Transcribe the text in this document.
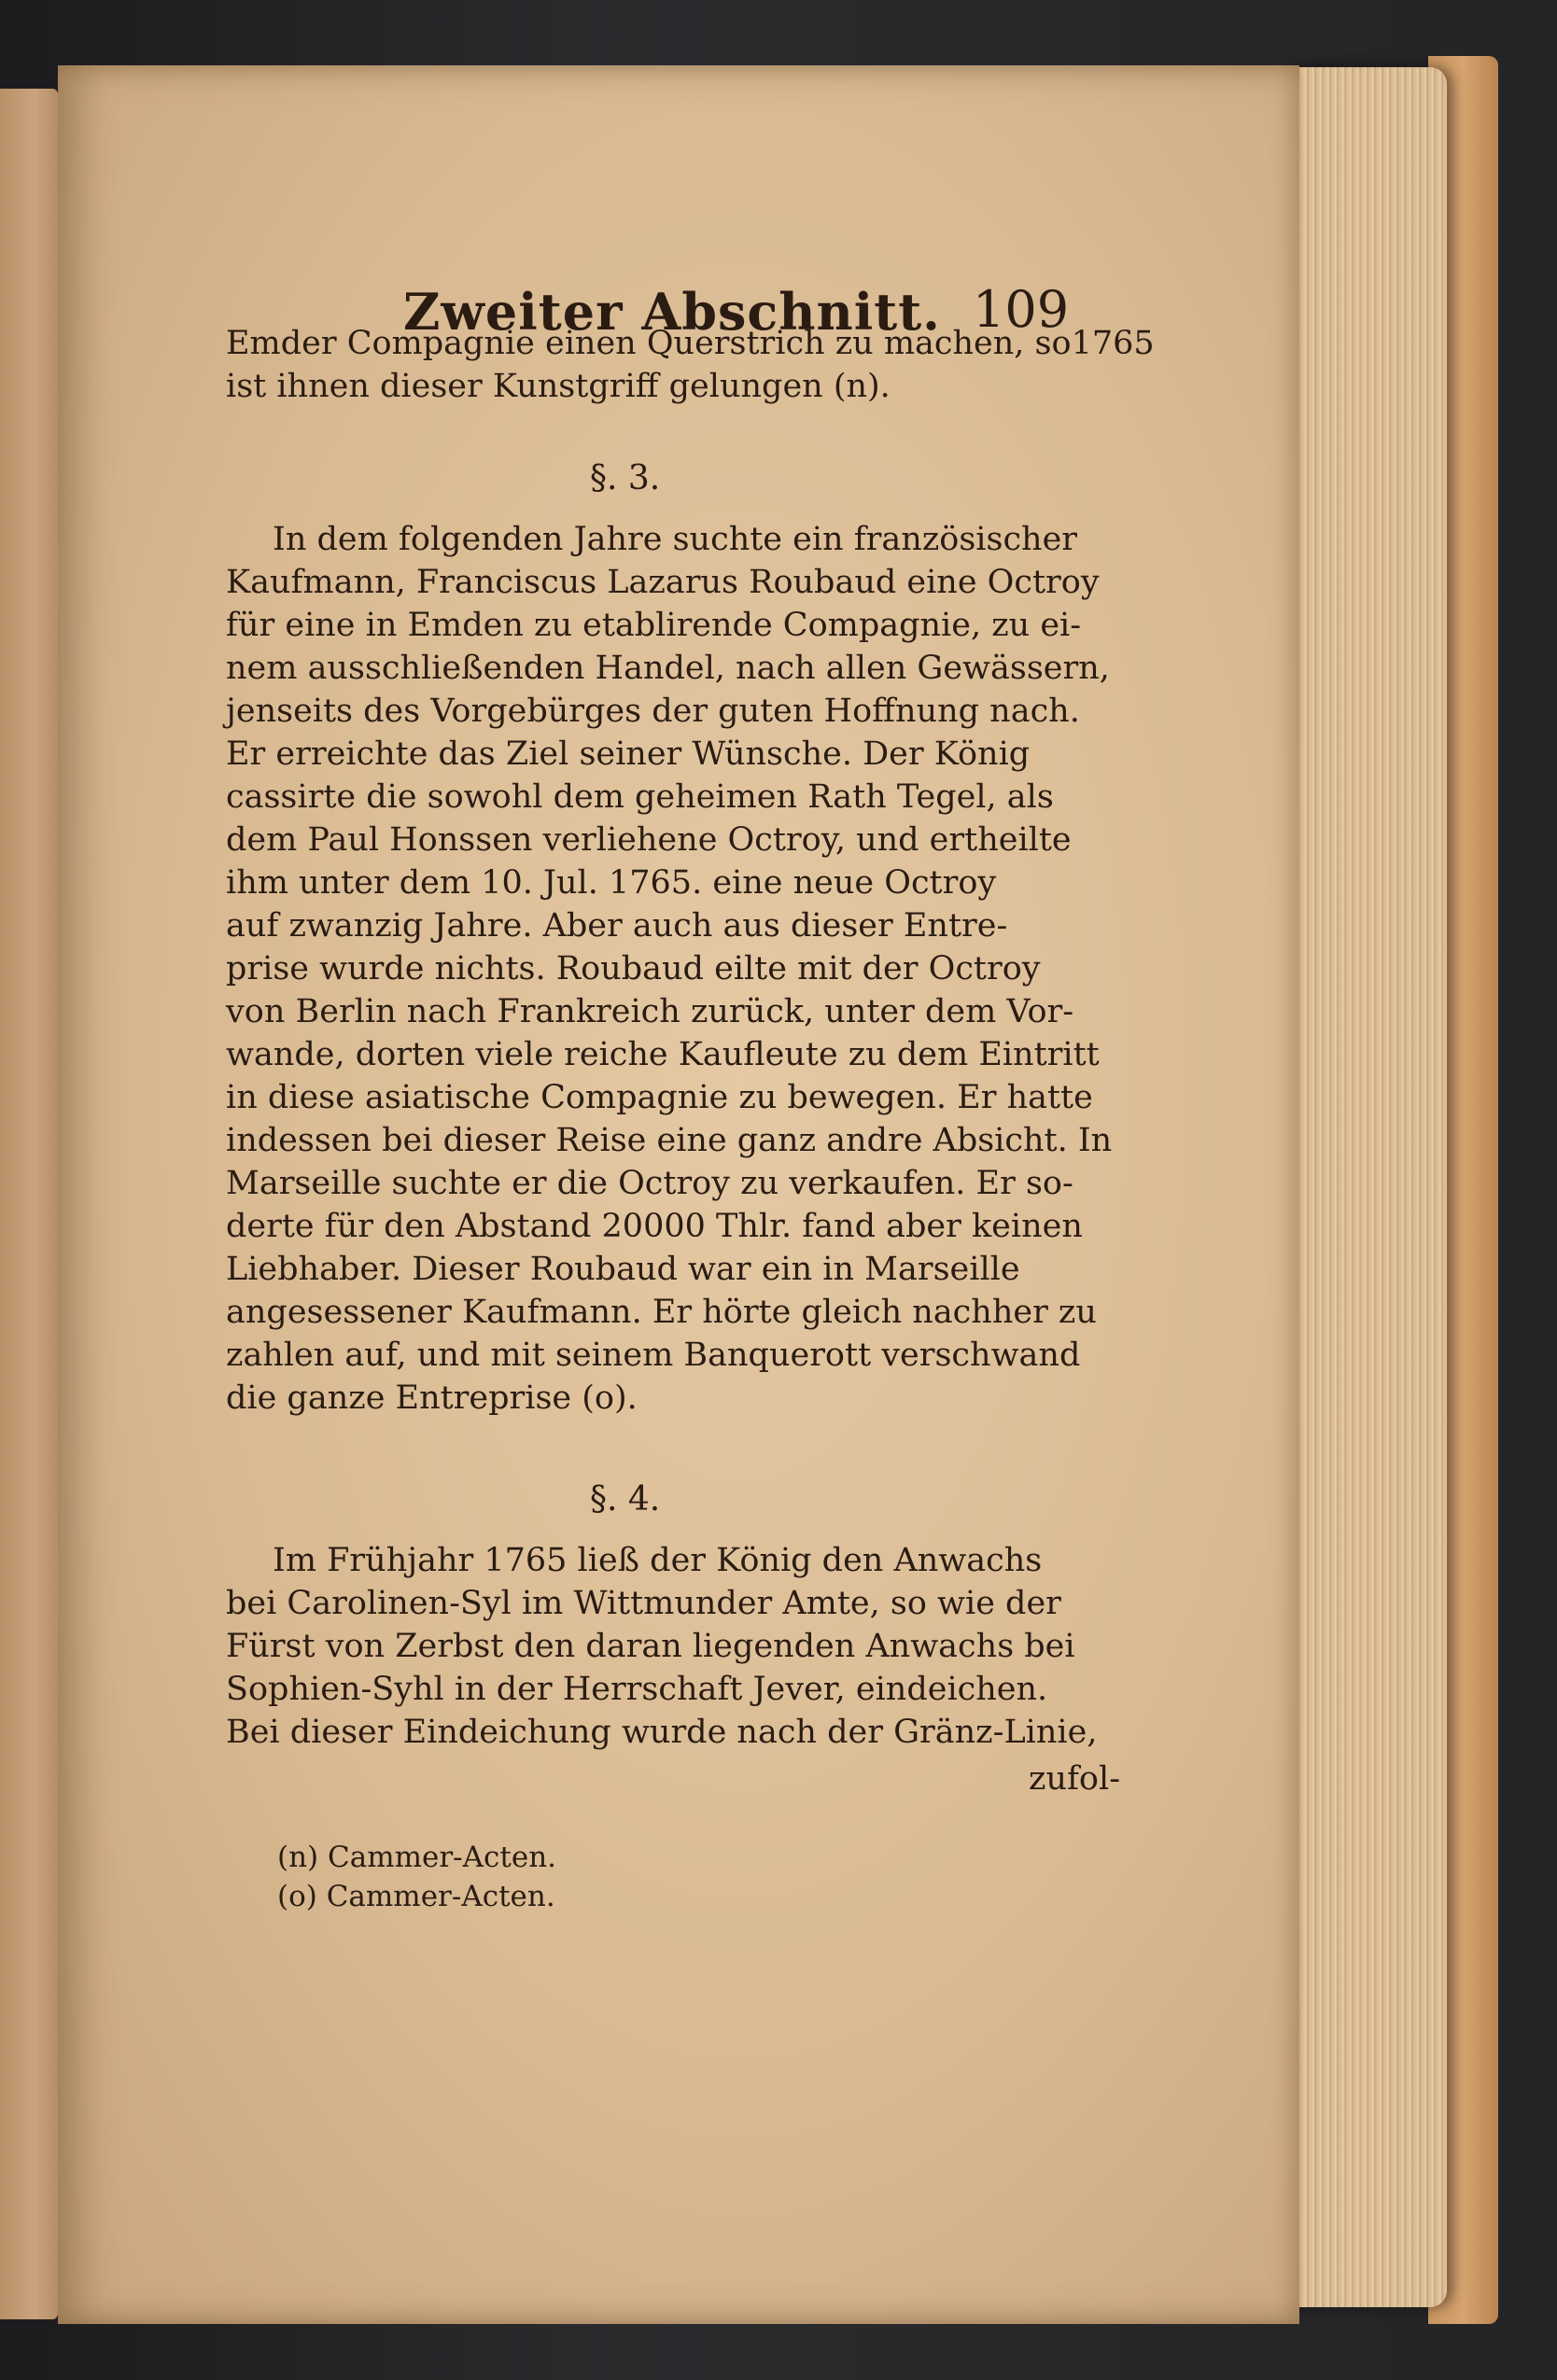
Zweiter Abschnitt. 109
Emder Compagnie einen Querstrich zu machen, so1765
ist ihnen dieser Kunstgriff gelungen (n).
§. 3.
In dem folgenden Jahre suchte ein französischer
Kaufmann, Franciscus Lazarus Roubaud eine Octroy
für eine in Emden zu etablirende Compagnie, zu ei-
nem ausschließenden Handel, nach allen Gewässern,
jenseits des Vorgebürges der guten Hoffnung nach.
Er erreichte das Ziel seiner Wünsche. Der König
cassirte die sowohl dem geheimen Rath Tegel, als
dem Paul Honssen verliehene Octroy, und ertheilte
ihm unter dem 10. Jul. 1765. eine neue Octroy
auf zwanzig Jahre. Aber auch aus dieser Entre-
prise wurde nichts. Roubaud eilte mit der Octroy
von Berlin nach Frankreich zurück, unter dem Vor-
wande, dorten viele reiche Kaufleute zu dem Eintritt
in diese asiatische Compagnie zu bewegen. Er hatte
indessen bei dieser Reise eine ganz andre Absicht. In
Marseille suchte er die Octroy zu verkaufen. Er so-
derte für den Abstand 20000 Thlr. fand aber keinen
Liebhaber. Dieser Roubaud war ein in Marseille
angesessener Kaufmann. Er hörte gleich nachher zu
zahlen auf, und mit seinem Banquerott verschwand
die ganze Entreprise (o).
§. 4.
Im Frühjahr 1765 ließ der König den Anwachs
bei Carolinen-Syl im Wittmunder Amte, so wie der
Fürst von Zerbst den daran liegenden Anwachs bei
Sophien-Syhl in der Herrschaft Jever, eindeichen.
Bei dieser Eindeichung wurde nach der Gränz-Linie,
zufol-
(n) Cammer-Acten.
(o) Cammer-Acten.
